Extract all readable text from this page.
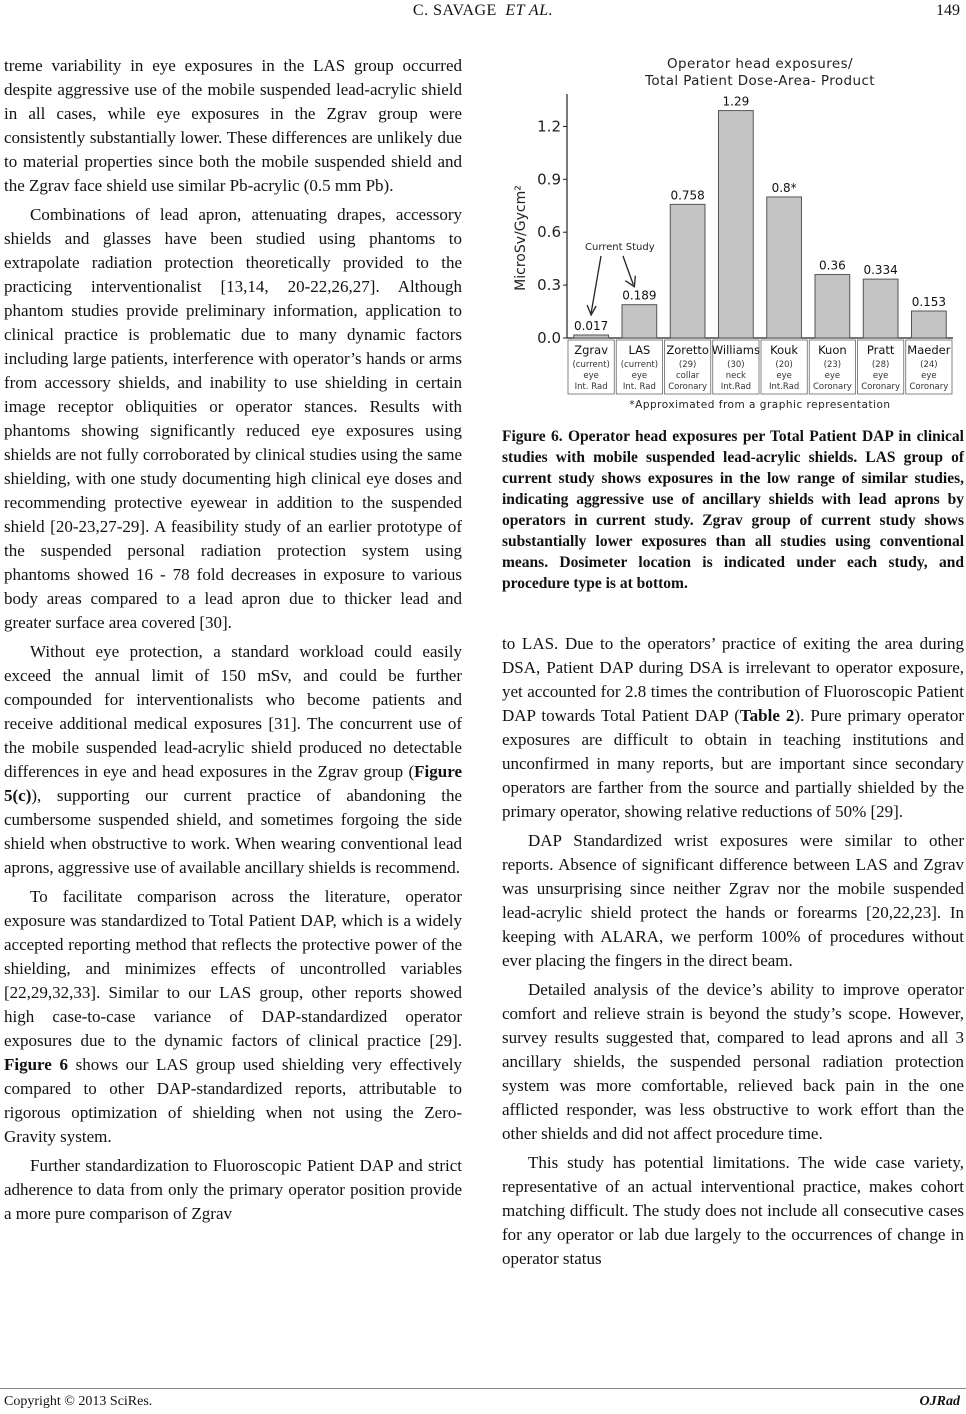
C. SAVAGE ET AL.	149

treme variability in eye exposures in the LAS group occurred despite aggressive use of the mobile suspended lead-acrylic shield in all cases, while eye exposures in the Zgrav group were consistently substantially lower. These differences are unlikely due to material properties since both the mobile suspended shield and the Zgrav face shield use similar Pb-acrylic (0.5 mm Pb).

Combinations of lead apron, attenuating drapes, accessory shields and glasses have been studied using phantoms to extrapolate radiation protection theoretically provided to the practicing interventionalist [13,14, 20-22,26,27]. Although phantom studies provide preliminary information, application to clinical practice is problematic due to many dynamic factors including large patients, interference with operator’s hands or arms from accessory shields, and inability to use shielding in certain image receptor obliquities or operator stances. Results with phantoms showing significantly reduced eye exposures using shields are not fully corroborated by clinical studies using the same shielding, with one study documenting high clinical eye doses and recommending protective eyewear in addition to the suspended shield [20-23,27-29]. A feasibility study of an earlier prototype of the suspended personal radiation protection system using phantoms showed 16 - 78 fold decreases in exposure to various body areas compared to a lead apron due to thicker lead and greater surface area covered [30].

Without eye protection, a standard workload could easily exceed the annual limit of 150 mSv, and could be further compounded for interventionalists who become patients and receive additional medical exposures [31]. The concurrent use of the mobile suspended lead-acrylic shield produced no detectable differences in eye and head exposures in the Zgrav group (Figure 5(c)), supporting our current practice of abandoning the cumbersome suspended shield, and sometimes forgoing the side shield when obstructive to work. When wearing conventional lead aprons, aggressive use of available ancillary shields is recommend.

To facilitate comparison across the literature, operator exposure was standardized to Total Patient DAP, which is a widely accepted reporting method that reflects the protective power of the shielding, and minimizes effects of uncontrolled variables [22,29,32,33]. Similar to our LAS group, other reports showed high case-to-case variance of DAP-standardized operator exposures due to the dynamic factors of clinical practice [29]. Figure 6 shows our LAS group used shielding very effectively compared to other DAP-standardized reports, attributable to rigorous optimization of shielding when not using the Zero-Gravity system.

Further standardization to Fluoroscopic Patient DAP and strict adherence to data from only the primary operator position provide a more pure comparison of Zgrav

Operator head exposures/
Total Patient Dose-Area- Product
MicroSv/Gycm²
0.0
0.3
0.6
0.9
1.2
0.017
Zgrav
(current)
eye
Int. Rad
0.189
LAS
(current)
eye
Int. Rad
0.758
Zoretto
(29)
collar
Coronary
1.29
Williams
(30)
neck
Int.Rad
0.8*
Kouk
(20)
eye
Int.Rad
0.36
Kuon
(23)
eye
Coronary
0.334
Pratt
(28)
eye
Coronary
0.153
Maeder
(24)
eye
Coronary
Current Study
*Approximated from a graphic representation
Figure 6. Operator head exposures per Total Patient DAP in clinical studies with mobile suspended lead-acrylic shields. LAS group of current study shows exposures in the low range of similar studies, indicating aggressive use of ancillary shields with lead aprons by operators in current study. Zgrav group of current study shows substantially lower exposures than all studies using conventional means. Dosimeter location is indicated under each study, and procedure type is at bottom.

to LAS. Due to the operators’ practice of exiting the area during DSA, Patient DAP during DSA is irrelevant to operator exposure, yet accounted for 2.8 times the contribution of Fluoroscopic Patient DAP towards Total Patient DAP (Table 2). Pure primary operator exposures are difficult to obtain in teaching institutions and unconfirmed in many reports, but are important since secondary operators are farther from the source and partially shielded by the primary operator, showing relative reductions of 50% [29].

DAP Standardized wrist exposures were similar to other reports. Absence of significant difference between LAS and Zgrav was unsurprising since neither Zgrav nor the mobile suspended lead-acrylic shield protect the hands or forearms [20,22,23]. In keeping with ALARA, we perform 100% of procedures without ever placing the fingers in the direct beam.

Detailed analysis of the device’s ability to improve operator comfort and relieve strain is beyond the study’s scope. However, survey results suggested that, compared to lead aprons and all 3 ancillary shields, the suspended personal radiation protection system was more comfortable, relieved back pain in the one afflicted responder, was less obstructive to work effort than the other shields and did not affect procedure time.

This study has potential limitations. The wide case variety, representative of an actual interventional practice, makes cohort matching difficult. The study does not include all consecutive cases for any operator or lab due largely to the occurrences of change in operator status

Copyright © 2013 SciRes.	OJRad
